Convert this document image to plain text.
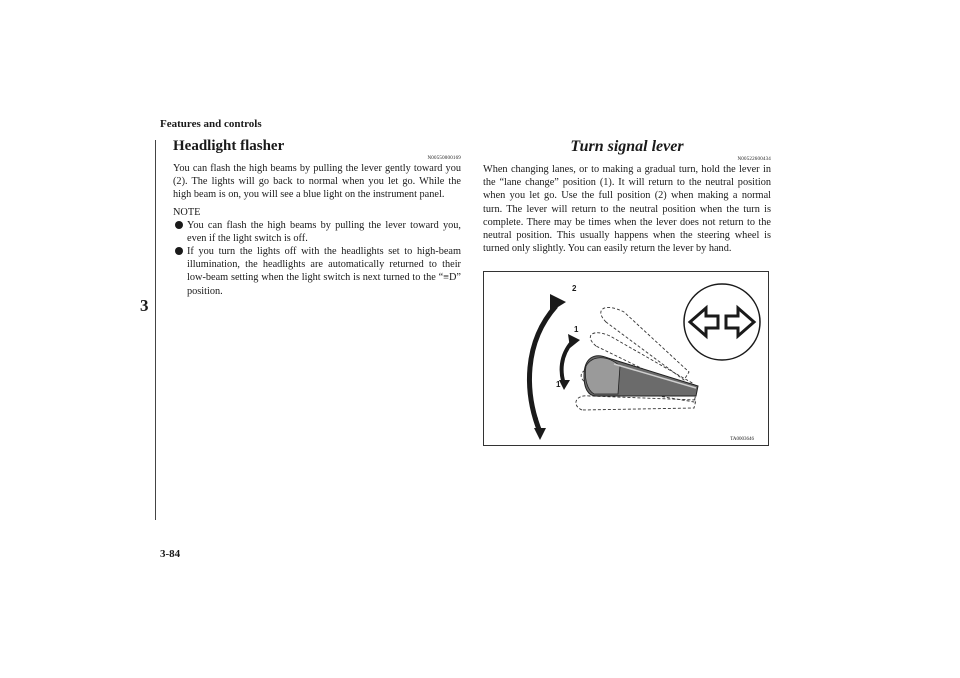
Features and controls
3
Headlight flasher
N00550000169

You can flash the high beams by pulling the lever gently toward you (2). The lights will go back to normal when you let go. While the high beam is on, you will see a blue light on the instrument panel.

NOTE
You can flash the high beams by pulling the lever toward you, even if the light switch is off.
If you turn the lights off with the headlights set to high-beam illumination, the headlights are automatically returned to their low-beam setting when the light switch is next turned to the “≡D” position.
Turn signal lever
N00522600434

When changing lanes, or to making a gradual turn, hold the lever in the “lane change” position (1). It will return to the neutral position when you let go. Use the full position (2) when making a normal turn. The lever will return to the neutral position when the turn is complete. There may be times when the lever does not return to the neutral position. This usually happens when the steering wheel is turned only slightly. You can easily return the lever by hand.

2
1
1
2
TA0003646
3-84
